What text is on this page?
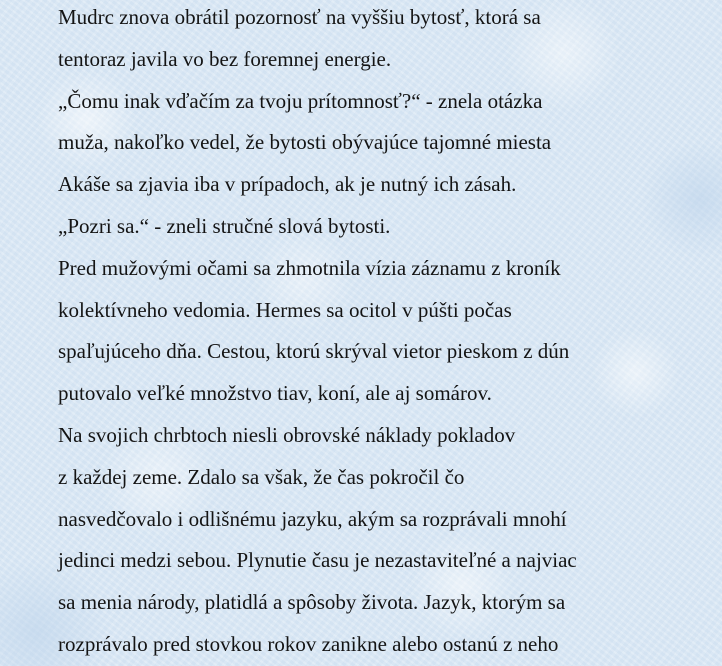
Mudrc znova obrátil pozornosť na vyššiu bytosť, ktorá sa
tentoraz javila vo bez foremnej energie.
„Čomu inak vďačím za tvoju prítomnosť?“ - znela otázka
muža, nakoľko vedel, že bytosti obývajúce tajomné miesta
Akáše sa zjavia iba v prípadoch, ak je nutný ich zásah.
„Pozri sa.“ - zneli stručné slová bytosti.
Pred mužovými očami sa zhmotnila vízia záznamu z kroník
kolektívneho vedomia. Hermes sa ocitol v púšti počas
spaľujúceho dňa. Cestou, ktorú skrýval vietor pieskom z dún
putovalo veľké množstvo tiav, koní, ale aj somárov.
Na svojich chrbtoch niesli obrovské náklady pokladov
z každej zeme. Zdalo sa však, že čas pokročil čo
nasvedčovalo i odlišnému jazyku, akým sa rozprávali mnohí
jedinci medzi sebou. Plynutie času je nezastaviteľné a najviac
sa menia národy, platidlá a spôsoby života. Jazyk, ktorým sa
rozprávalo pred stovkou rokov zanikne alebo ostanú z neho
